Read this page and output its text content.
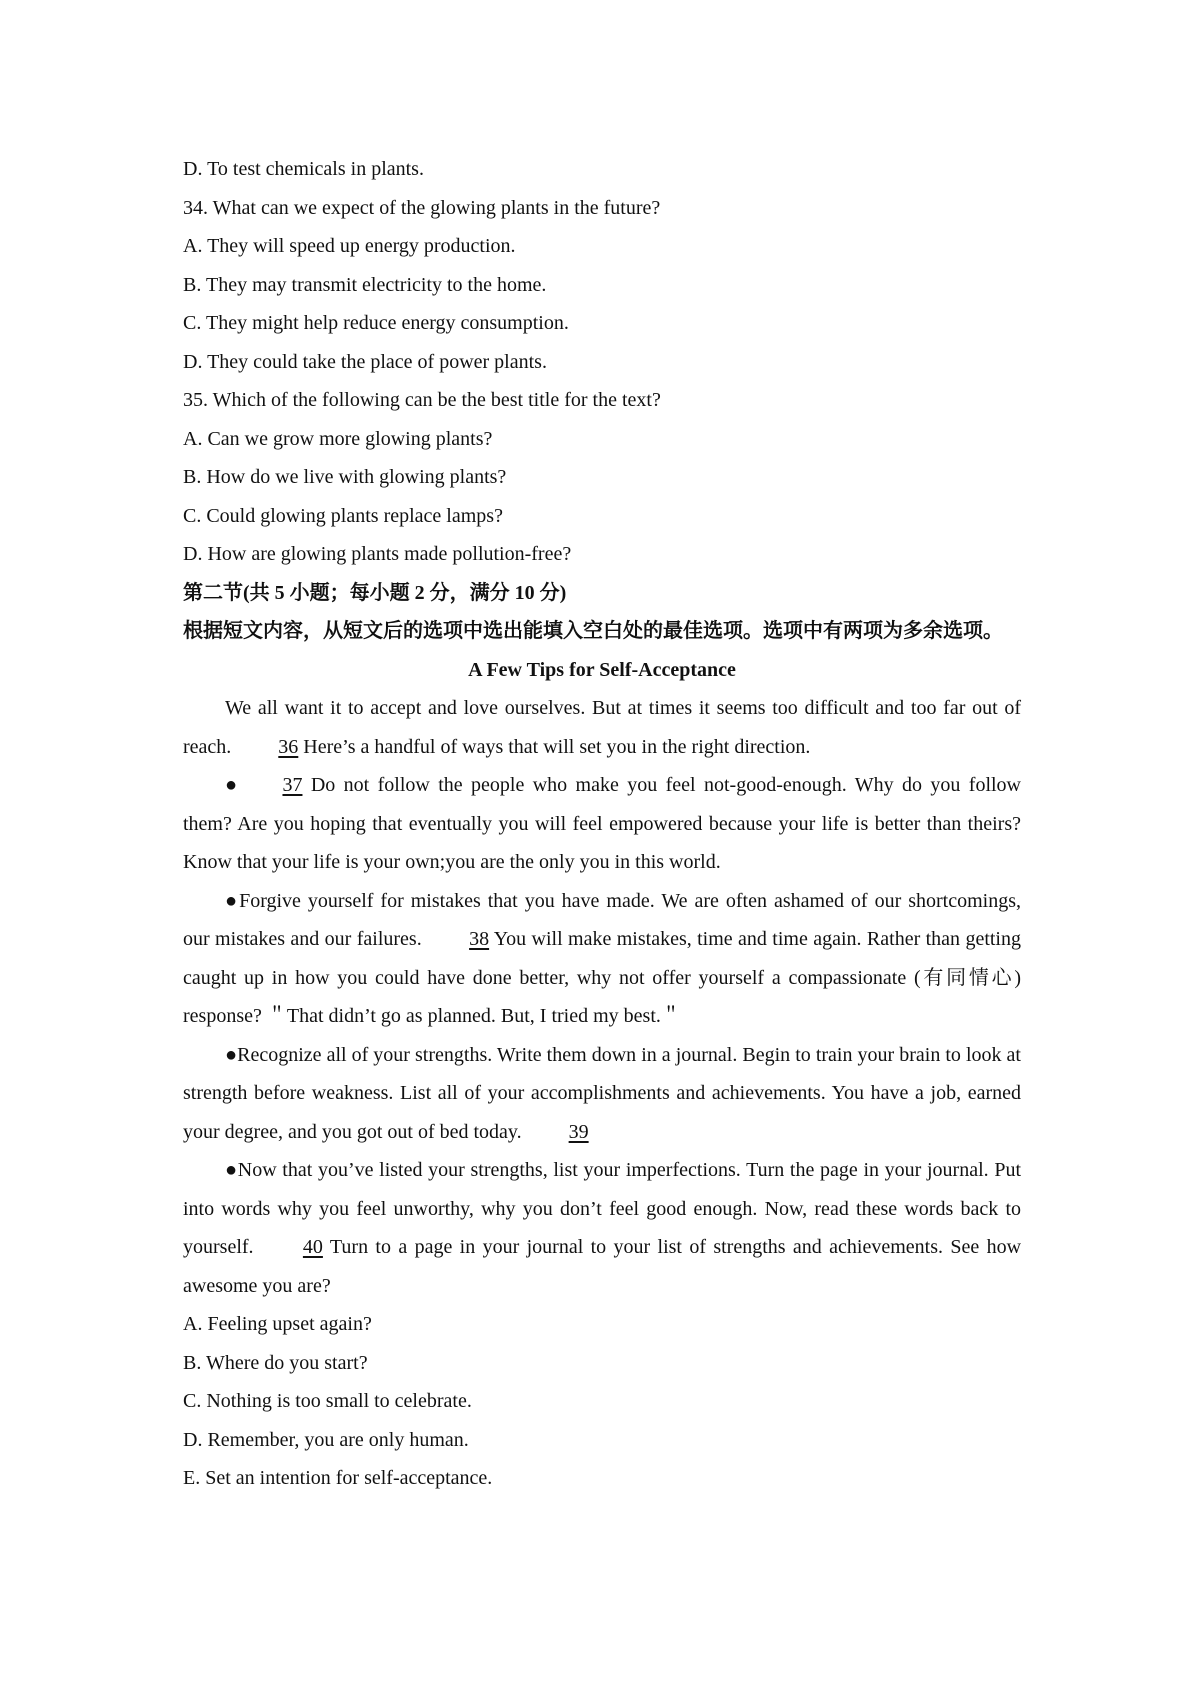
D. To test chemicals in plants.
34. What can we expect of the glowing plants in the future?
A. They will speed up energy production.
B. They may transmit electricity to the home.
C. They might help reduce energy consumption.
D. They could take the place of power plants.
35. Which of the following can be the best title for the text?
A. Can we grow more glowing plants?
B. How do we live with glowing plants?
C. Could glowing plants replace lamps?
D. How are glowing plants made pollution-free?
第二节(共 5 小题；每小题 2 分，满分 10 分)
根据短文内容，从短文后的选项中选出能填入空白处的最佳选项。选项中有两项为多余选项。
A Few Tips for Self-Acceptance
We all want it to accept and love ourselves. But at times it seems too difficult and too far out of reach. 36 Here’s a handful of ways that will set you in the right direction.
● 37 Do not follow the people who make you feel not-good-enough. Why do you follow them? Are you hoping that eventually you will feel empowered because your life is better than theirs? Know that your life is your own;you are the only you in this world.
●Forgive yourself for mistakes that you have made. We are often ashamed of our shortcomings, our mistakes and our failures. 38 You will make mistakes, time and time again. Rather than getting caught up in how you could have done better, why not offer yourself a compassionate (有同情心) response? ＂That didn’t go as planned. But, I tried my best.＂
●Recognize all of your strengths. Write them down in a journal. Begin to train your brain to look at strength before weakness. List all of your accomplishments and achievements. You have a job, earned your degree, and you got out of bed today. 39
●Now that you’ve listed your strengths, list your imperfections. Turn the page in your journal. Put into words why you feel unworthy, why you don’t feel good enough. Now, read these words back to yourself. 40 Turn to a page in your journal to your list of strengths and achievements. See how awesome you are?
A. Feeling upset again?
B. Where do you start?
C. Nothing is too small to celebrate.
D. Remember, you are only human.
E. Set an intention for self-acceptance.
